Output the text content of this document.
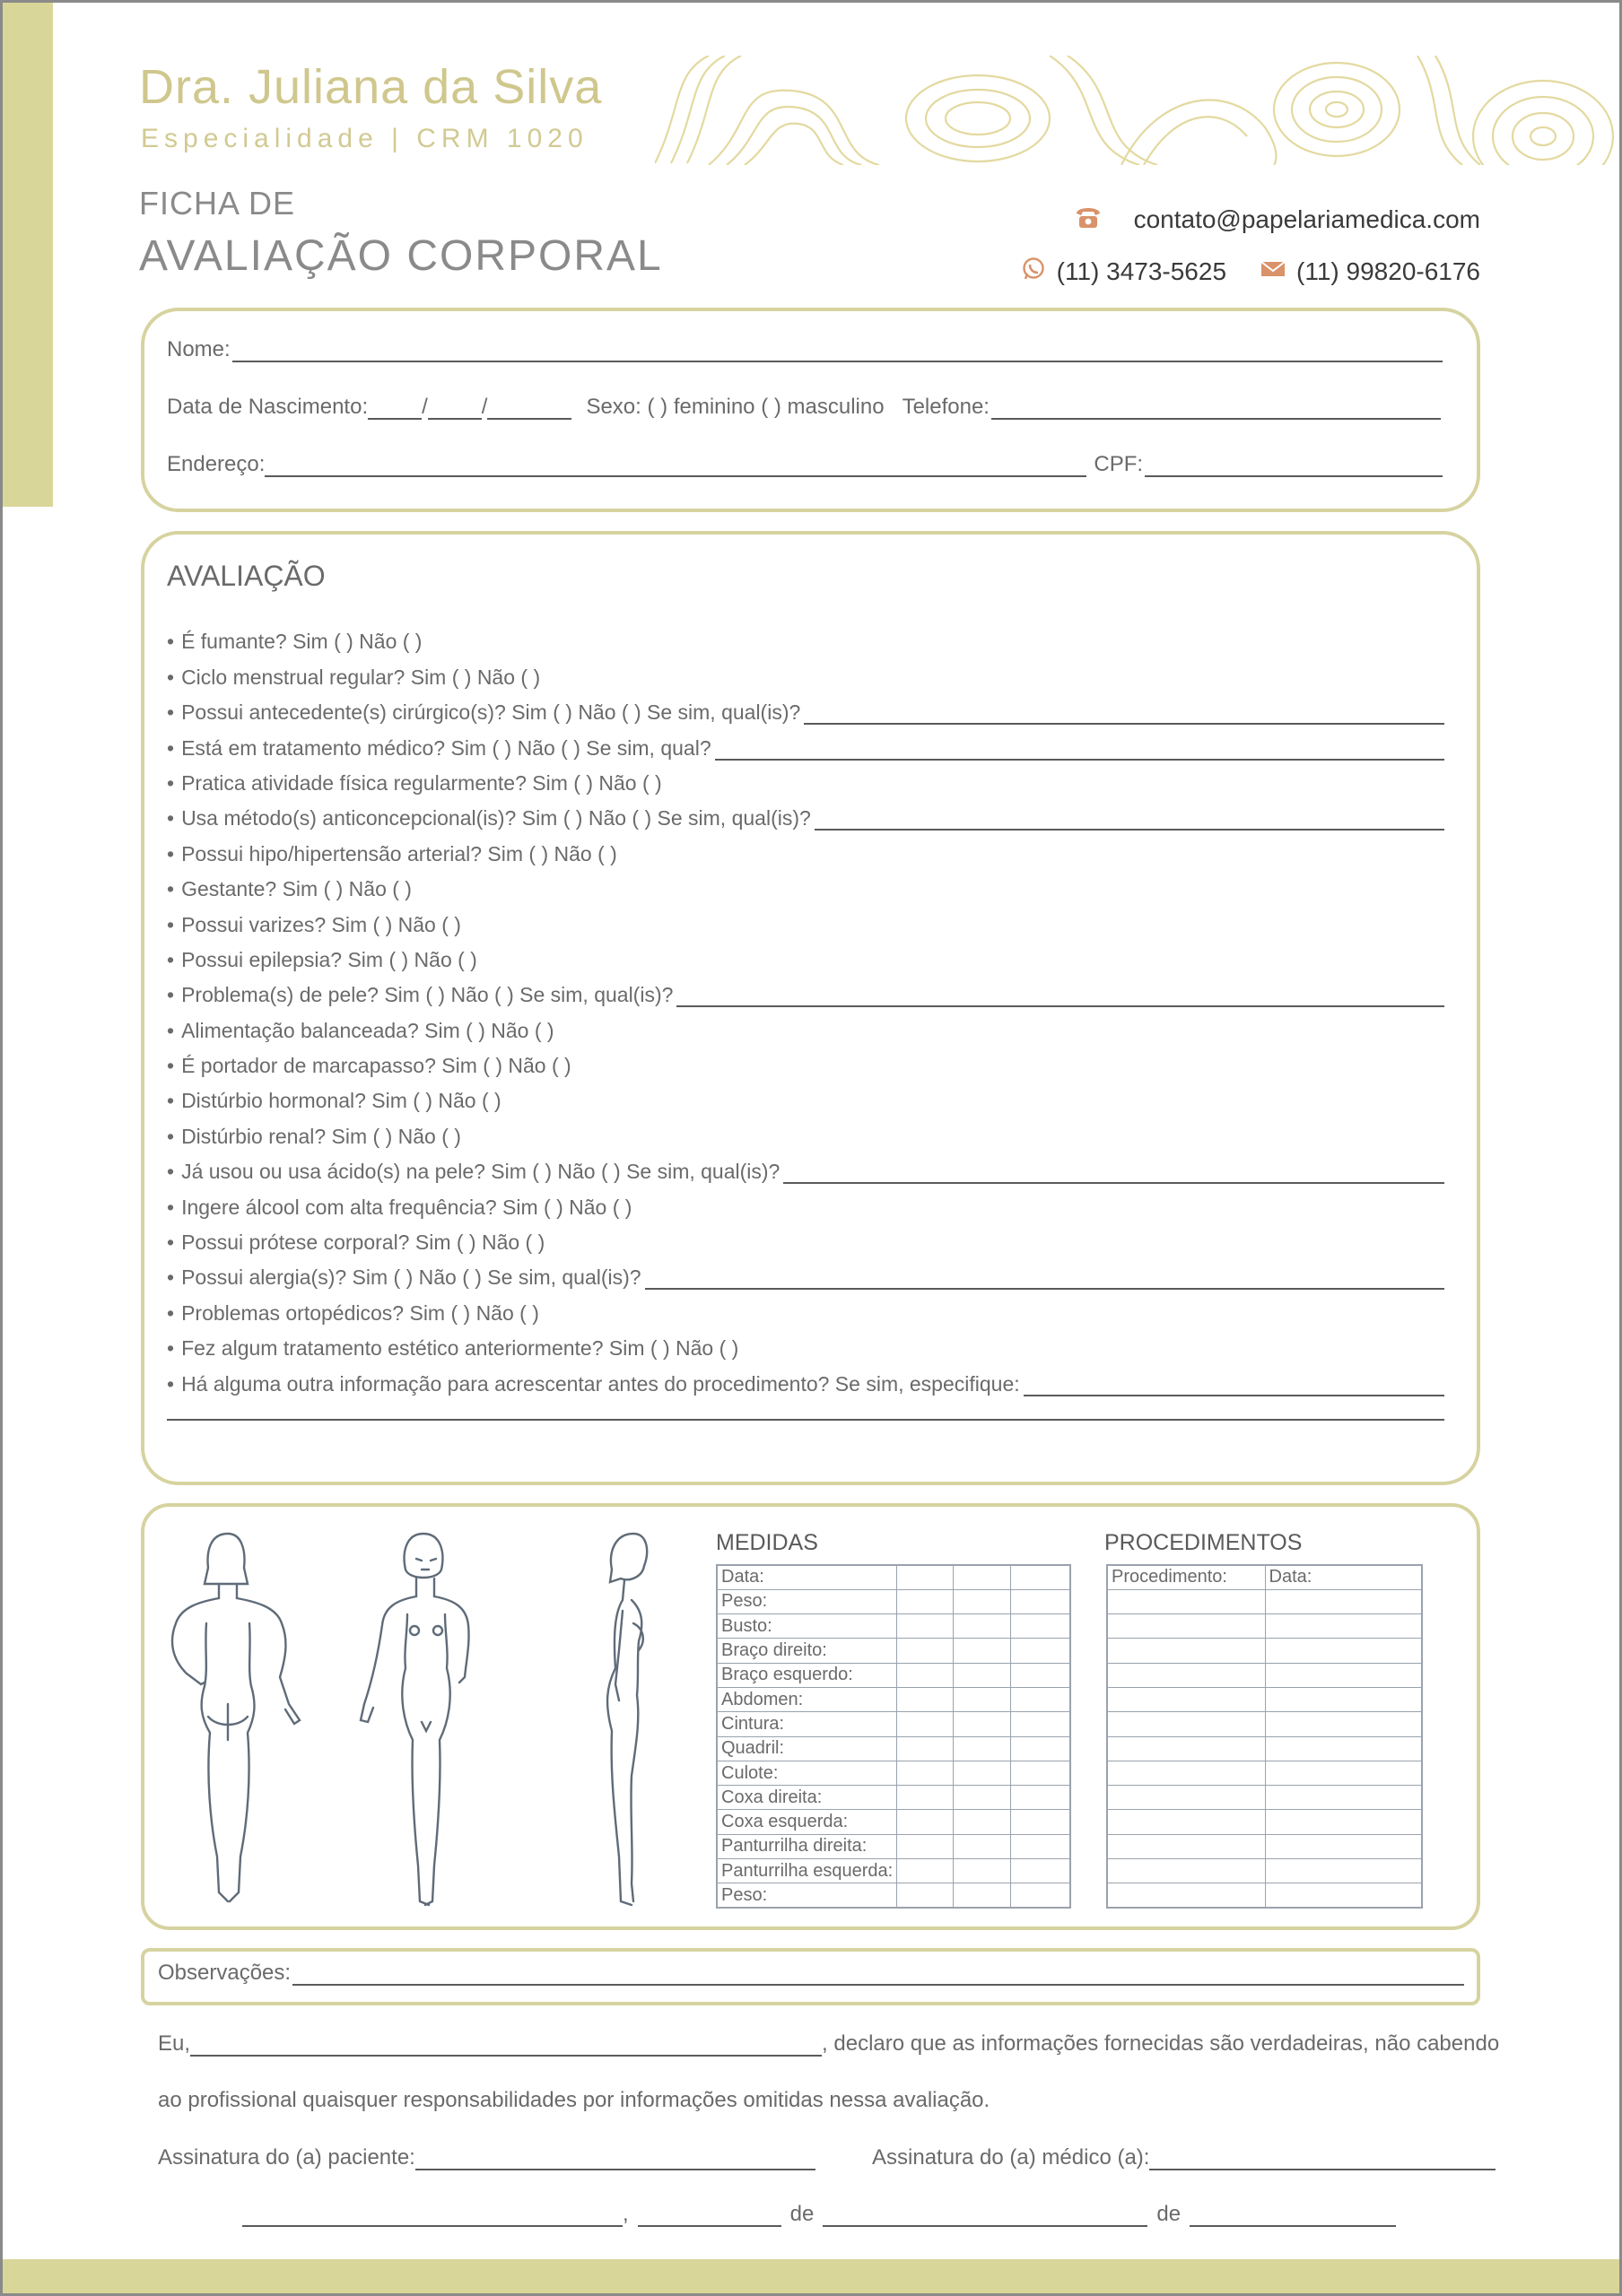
Dra. Juliana da Silva
Especialidade | CRM 1020
FICHA DE
AVALIAÇÃO CORPORAL
contato@papelariamedica.com
(11) 3473-5625	(11) 99820-6176
Nome:
Data de Nascimento:	/	/	Sexo: ( ) feminino ( ) masculino Telefone:
Endereço:	CPF:
AVALIAÇÃO
• É fumante? Sim ( ) Não ( )
• Ciclo menstrual regular? Sim ( ) Não ( )
• Possui antecedente(s) cirúrgico(s)? Sim ( ) Não ( ) Se sim, qual(is)?
• Está em tratamento médico? Sim ( ) Não ( ) Se sim, qual?
• Pratica atividade física regularmente? Sim ( ) Não ( )
• Usa método(s) anticoncepcional(is)? Sim ( ) Não ( ) Se sim, qual(is)?
• Possui hipo/hipertensão arterial? Sim ( ) Não ( )
• Gestante? Sim ( ) Não ( )
• Possui varizes? Sim ( ) Não ( )
• Possui epilepsia? Sim ( ) Não ( )
• Problema(s) de pele? Sim ( ) Não ( ) Se sim, qual(is)?
• Alimentação balanceada? Sim ( ) Não ( )
• É portador de marcapasso? Sim ( ) Não ( )
• Distúrbio hormonal? Sim ( ) Não ( )
• Distúrbio renal? Sim ( ) Não ( )
• Já usou ou usa ácido(s) na pele? Sim ( ) Não ( ) Se sim, qual(is)?
• Ingere álcool com alta frequência? Sim ( ) Não ( )
• Possui prótese corporal? Sim ( ) Não ( )
• Possui alergia(s)? Sim ( ) Não ( ) Se sim, qual(is)?
• Problemas ortopédicos? Sim ( ) Não ( )
• Fez algum tratamento estético anteriormente? Sim ( ) Não ( )
• Há alguma outra informação para acrescentar antes do procedimento? Se sim, especifique:
MEDIDAS
Data:			
Peso:			
Busto:			
Braço direito:			
Braço esquerdo:			
Abdomen:			
Cintura:			
Quadril:			
Culote:			
Coxa direita:			
Coxa esquerda:			
Panturrilha direita:			
Panturrilha esquerda:			
Peso:			
PROCEDIMENTOS
Procedimento:	Data:

Observações:
Eu,	, declaro que as informações fornecidas são verdadeiras, não cabendo
ao profissional quaisquer responsabilidades por informações omitidas nessa avaliação.
Assinatura do (a) paciente:	Assinatura do (a) médico (a):
,	de	de
